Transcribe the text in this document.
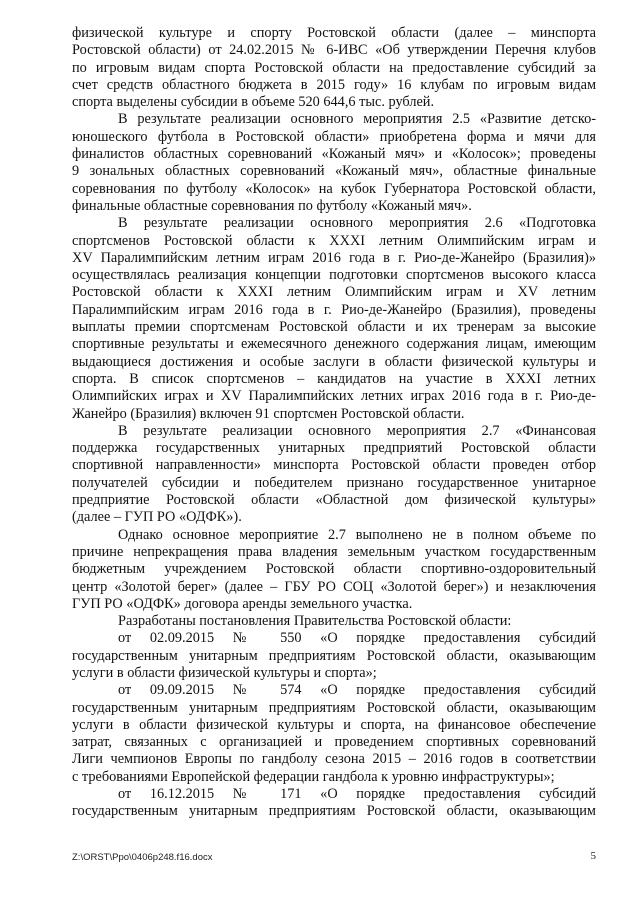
физической культуре и спорту Ростовской области (далее – минспорта
Ростовской области) от 24.02.2015 № 6-ИВС «Об утверждении Перечня клубов
по игровым видам спорта Ростовской области на предоставление субсидий за
счет средств областного бюджета в 2015 году» 16 клубам по игровым видам
спорта выделены субсидии в объеме 520 644,6 тыс. рублей.
В результате реализации основного мероприятия 2.5 «Развитие детско-
юношеского футбола в Ростовской области» приобретена форма и мячи для
финалистов областных соревнований «Кожаный мяч» и «Колосок»; проведены
9 зональных областных соревнований «Кожаный мяч», областные финальные
соревнования по футболу «Колосок» на кубок Губернатора Ростовской области,
финальные областные соревнования по футболу «Кожаный мяч».
В результате реализации основного мероприятия 2.6 «Подготовка
спортсменов Ростовской области к XXXI летним Олимпийским играм и
XV Паралимпийским летним играм 2016 года в г. Рио-де-Жанейро (Бразилия)»
осуществлялась реализация концепции подготовки спортсменов высокого класса
Ростовской области к XXXI летним Олимпийским играм и XV летним
Паралимпийским играм 2016 года в г. Рио-де-Жанейро (Бразилия), проведены
выплаты премии спортсменам Ростовской области и их тренерам за высокие
спортивные результаты и ежемесячного денежного содержания лицам, имеющим
выдающиеся достижения и особые заслуги в области физической культуры и
спорта. В список спортсменов – кандидатов на участие в XXXI летних
Олимпийских играх и XV Паралимпийских летних играх 2016 года в г. Рио-де-
Жанейро (Бразилия) включен 91 спортсмен Ростовской области.
В результате реализации основного мероприятия 2.7 «Финансовая
поддержка государственных унитарных предприятий Ростовской области
спортивной направленности» минспорта Ростовской области проведен отбор
получателей субсидии и победителем признано государственное унитарное
предприятие Ростовской области «Областной дом физической культуры»
(далее – ГУП РО «ОДФК»).
Однако основное мероприятие 2.7 выполнено не в полном объеме по
причине непрекращения права владения земельным участком государственным
бюджетным учреждением Ростовской области спортивно-оздоровительный
центр «Золотой берег» (далее – ГБУ РО СОЦ «Золотой берег») и незаключения
ГУП РО «ОДФК» договора аренды земельного участка.
Разработаны постановления Правительства Ростовской области:
от 02.09.2015 № 550 «О порядке предоставления субсидий
государственным унитарным предприятиям Ростовской области, оказывающим
услуги в области физической культуры и спорта»;
от 09.09.2015 № 574 «О порядке предоставления субсидий
государственным унитарным предприятиям Ростовской области, оказывающим
услуги в области физической культуры и спорта, на финансовое обеспечение
затрат, связанных с организацией и проведением спортивных соревнований
Лиги чемпионов Европы по гандболу сезона 2015 – 2016 годов в соответствии
с требованиями Европейской федерации гандбола к уровню инфраструктуры»;
от 16.12.2015 № 171 «О порядке предоставления субсидий
государственным унитарным предприятиям Ростовской области, оказывающим
Z:\ORST\Ppo\0406p248.f16.docx	5
